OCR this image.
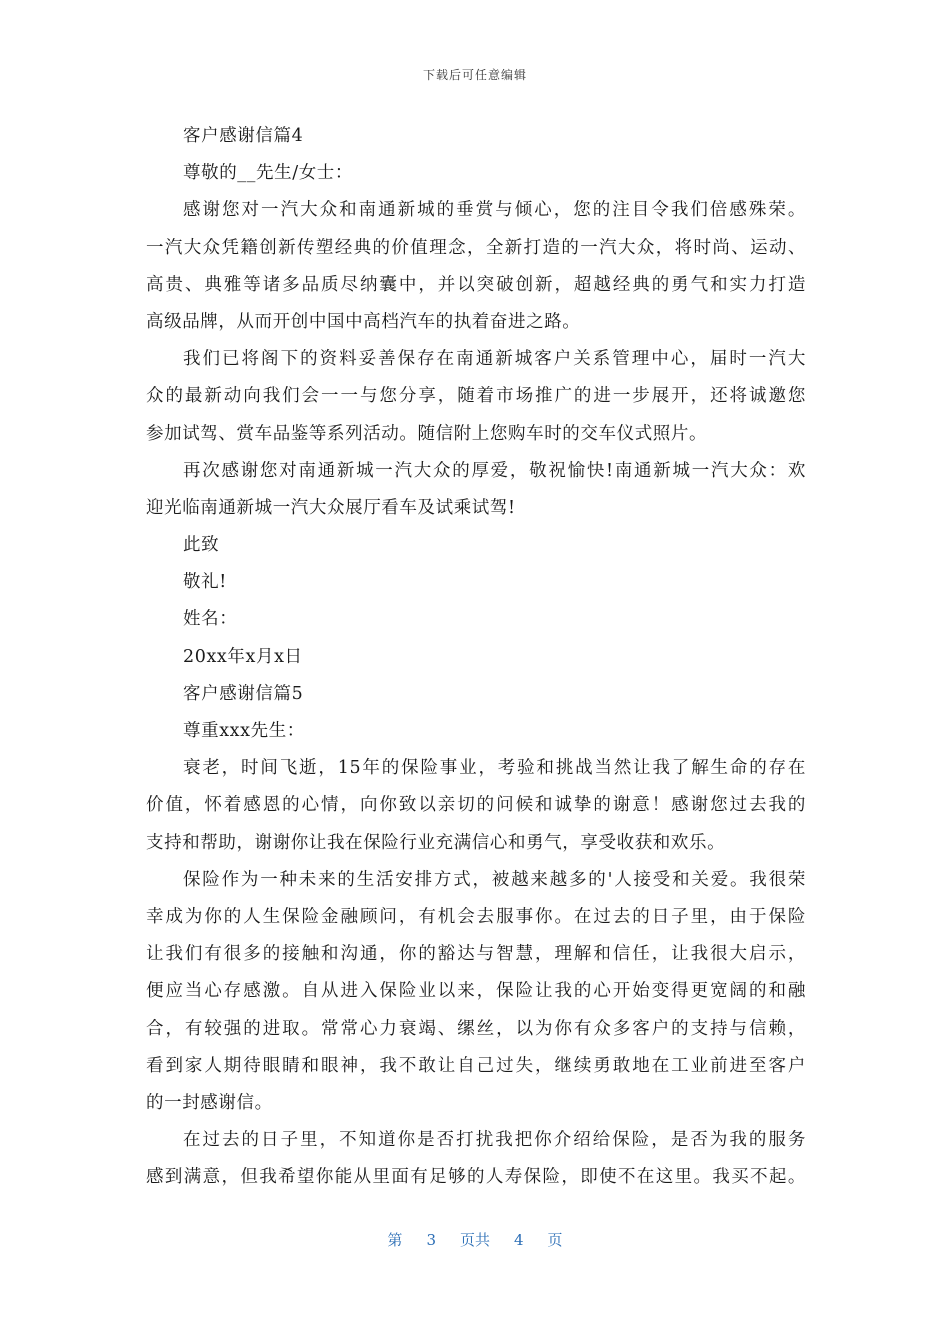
下载后可任意编辑
客户感谢信篇4
尊敬的__先生/女士：
感谢您对一汽大众和南通新城的垂赏与倾心，您的注目令我们倍感殊荣。
一汽大众凭籍创新传塑经典的价值理念，全新打造的一汽大众，将时尚、运动、
高贵、典雅等诸多品质尽纳囊中，并以突破创新，超越经典的勇气和实力打造
高级品牌，从而开创中国中高档汽车的执着奋进之路。
我们已将阁下的资料妥善保存在南通新城客户关系管理中心，届时一汽大
众的最新动向我们会一一与您分享，随着市场推广的进一步展开，还将诚邀您
参加试驾、赏车品鉴等系列活动。随信附上您购车时的交车仪式照片。
再次感谢您对南通新城一汽大众的厚爱，敬祝愉快!南通新城一汽大众：欢
迎光临南通新城一汽大众展厅看车及试乘试驾!
此致
敬礼!
姓名：
20xx年x月x日
客户感谢信篇5
尊重xxx先生：
衰老，时间飞逝，15年的保险事业，考验和挑战当然让我了解生命的存在
价值，怀着感恩的心情，向你致以亲切的问候和诚挚的谢意！感谢您过去我的
支持和帮助，谢谢你让我在保险行业充满信心和勇气，享受收获和欢乐。
保险作为一种未来的生活安排方式，被越来越多的'人接受和关爱。我很荣
幸成为你的人生保险金融顾问，有机会去服事你。在过去的日子里，由于保险
让我们有很多的接触和沟通，你的豁达与智慧，理解和信任，让我很大启示，
便应当心存感激。自从进入保险业以来，保险让我的心开始变得更宽阔的和融
合，有较强的进取。常常心力衰竭、缧丝，以为你有众多客户的支持与信赖，
看到家人期待眼睛和眼神，我不敢让自己过失，继续勇敢地在工业前进至客户
的一封感谢信。
在过去的日子里，不知道你是否打扰我把你介绍给保险，是否为我的服务
感到满意，但我希望你能从里面有足够的人寿保险，即使不在这里。我买不起。
第 3 页共 4 页
